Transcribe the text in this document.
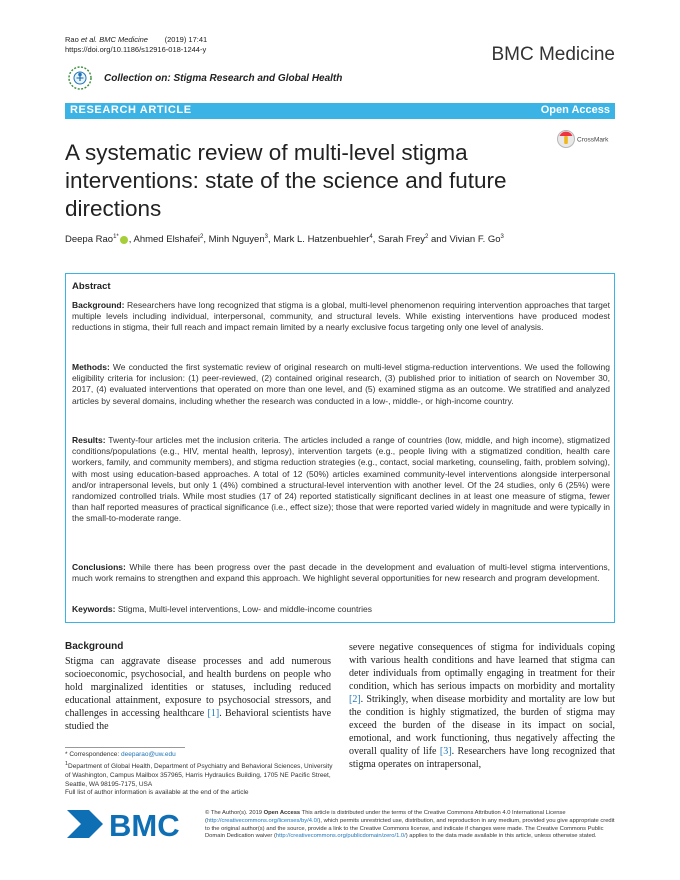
Rao et al. BMC Medicine (2019) 17:41
https://doi.org/10.1186/s12916-018-1244-y	BMC Medicine
Collection on: Stigma Research and Global Health
RESEARCH ARTICLE	Open Access
CrossMark
A systematic review of multi-level stigma interventions: state of the science and future directions
Deepa Rao$^{1*}$ , Ahmed Elshafei$^2$, Minh Nguyen$^3$, Mark L. Hatzenbuehler$^4$, Sarah Frey$^2$ and Vivian F. Go$^3$
Abstract
Background: Researchers have long recognized that stigma is a global, multi-level phenomenon requiring intervention approaches that target multiple levels including individual, interpersonal, community, and structural levels. While existing interventions have produced modest reductions in stigma, their full reach and impact remain limited by a nearly exclusive focus targeting only one level of analysis.
Methods: We conducted the first systematic review of original research on multi-level stigma-reduction interventions. We used the following eligibility criteria for inclusion: (1) peer-reviewed, (2) contained original research, (3) published prior to initiation of search on November 30, 2017, (4) evaluated interventions that operated on more than one level, and (5) examined stigma as an outcome. We stratified and analyzed articles by several domains, including whether the research was conducted in a low-, middle-, or high-income country.
Results: Twenty-four articles met the inclusion criteria. The articles included a range of countries (low, middle, and high income), stigmatized conditions/populations (e.g., HIV, mental health, leprosy), intervention targets (e.g., people living with a stigmatized condition, health care workers, family, and community members), and stigma reduction strategies (e.g., contact, social marketing, counseling, faith, problem solving), with most using education-based approaches. A total of 12 (50%) articles examined community-level interventions alongside interpersonal and/or intrapersonal levels, but only 1 (4%) combined a structural-level intervention with another level. Of the 24 studies, only 6 (25%) were randomized controlled trials. While most studies (17 of 24) reported statistically significant declines in at least one measure of stigma, fewer than half reported measures of practical significance (i.e., effect size); those that were reported varied widely in magnitude and were typically in the small-to-moderate range.
Conclusions: While there has been progress over the past decade in the development and evaluation of multi-level stigma interventions, much work remains to strengthen and expand this approach. We highlight several opportunities for new research and program development.
Keywords: Stigma, Multi-level interventions, Low- and middle-income countries
Background
Stigma can aggravate disease processes and add numerous socioeconomic, psychosocial, and health burdens on people who hold marginalized identities or statuses, including reduced educational attainment, exposure to psychosocial stressors, and challenges in accessing healthcare [1]. Behavioral scientists have studied the
severe negative consequences of stigma for individuals coping with various health conditions and have learned that stigma can deter individuals from optimally engaging in treatment for their condition, which has serious impacts on morbidity and mortality [2]. Strikingly, when disease morbidity and mortality are low but the condition is highly stigmatized, the burden of stigma may exceed the burden of the disease in its impact on social, emotional, and work functioning, thus negatively affecting the overall quality of life [3]. Researchers have long recognized that stigma operates on intrapersonal,
* Correspondence: deeparao@uw.edu
$^1$Department of Global Health, Department of Psychiatry and Behavioral Sciences, University of Washington, Campus Mailbox 357965, Harris Hydraulics Building, 1705 NE Pacific Street, Seattle, WA 98195-7175, USA
Full list of author information is available at the end of the article
BMC	© The Author(s). 2019 Open Access This article is distributed under the terms of the Creative Commons Attribution 4.0 International License (http://creativecommons.org/licenses/by/4.0/), which permits unrestricted use, distribution, and reproduction in any medium, provided you give appropriate credit to the original author(s) and the source, provide a link to the Creative Commons license, and indicate if changes were made. The Creative Commons Public Domain Dedication waiver (http://creativecommons.org/publicdomain/zero/1.0/) applies to the data made available in this article, unless otherwise stated.
